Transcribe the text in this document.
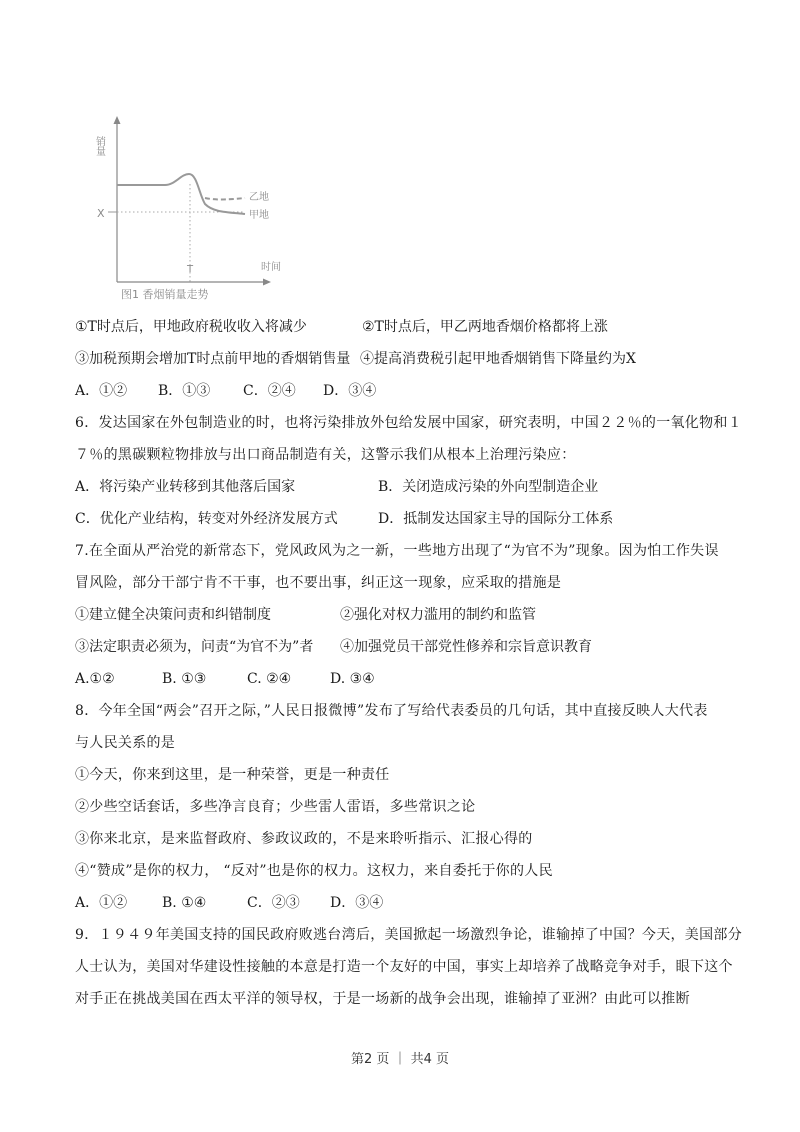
销量
时间
X
T
乙地
甲地
图1 香烟销量走势
①T时点后，甲地政府税收收入将减少	②T时点后，甲乙两地香烟价格都将上涨
③加税预期会增加T时点前甲地的香烟销售量 ④提高消费税引起甲地香烟销售下降量约为X
A．①② B．①③ C．②④ D．③④
6．发达国家在外包制造业的时，也将污染排放外包给发展中国家，研究表明，中国２２％的一氧化物和１
７％的黑碳颗粒物排放与出口商品制造有关，这警示我们从根本上治理污染应：
A．将污染产业转移到其他落后国家	B．关闭造成污染的外向型制造企业
C．优化产业结构，转变对外经济发展方式	D．抵制发达国家主导的国际分工体系
7.在全面从严治党的新常态下，党风政风为之一新，一些地方出现了“为官不为”现象。因为怕工作失误
冒风险，部分干部宁肯不干事，也不要出事，纠正这一现象，应采取的措施是
①建立健全决策问责和纠错制度	②强化对权力滥用的制约和监管
③法定职责必须为，问责“为官不为”者 ④加强党员干部党性修养和宗旨意识教育
A.①②	B. ①③	C. ②④	D. ③④
8．今年全国“两会”召开之际，”人民日报微博”发布了写给代表委员的几句话，其中直接反映人大代表
与人民关系的是
①今天，你来到这里，是一种荣誉，更是一种责任
②少些空话套话，多些净言良育；少些雷人雷语，多些常识之论
③你来北京，是来监督政府、参政议政的，不是来聆听指示、汇报心得的
④“赞成”是你的权力， “反对”也是你的权力。这权力，来自委托于你的人民
A．①② B. ①④	C．②③ D．③④
9．１９４９年美国支持的国民政府败逃台湾后，美国掀起一场激烈争论，谁输掉了中国？今天，美国部分
人士认为，美国对华建设性接触的本意是打造一个友好的中国，事实上却培养了战略竞争对手，眼下这个
对手正在挑战美国在西太平洋的领导权，于是一场新的战争会出现，谁输掉了亚洲？由此可以推断
第2 页 ｜ 共4 页
